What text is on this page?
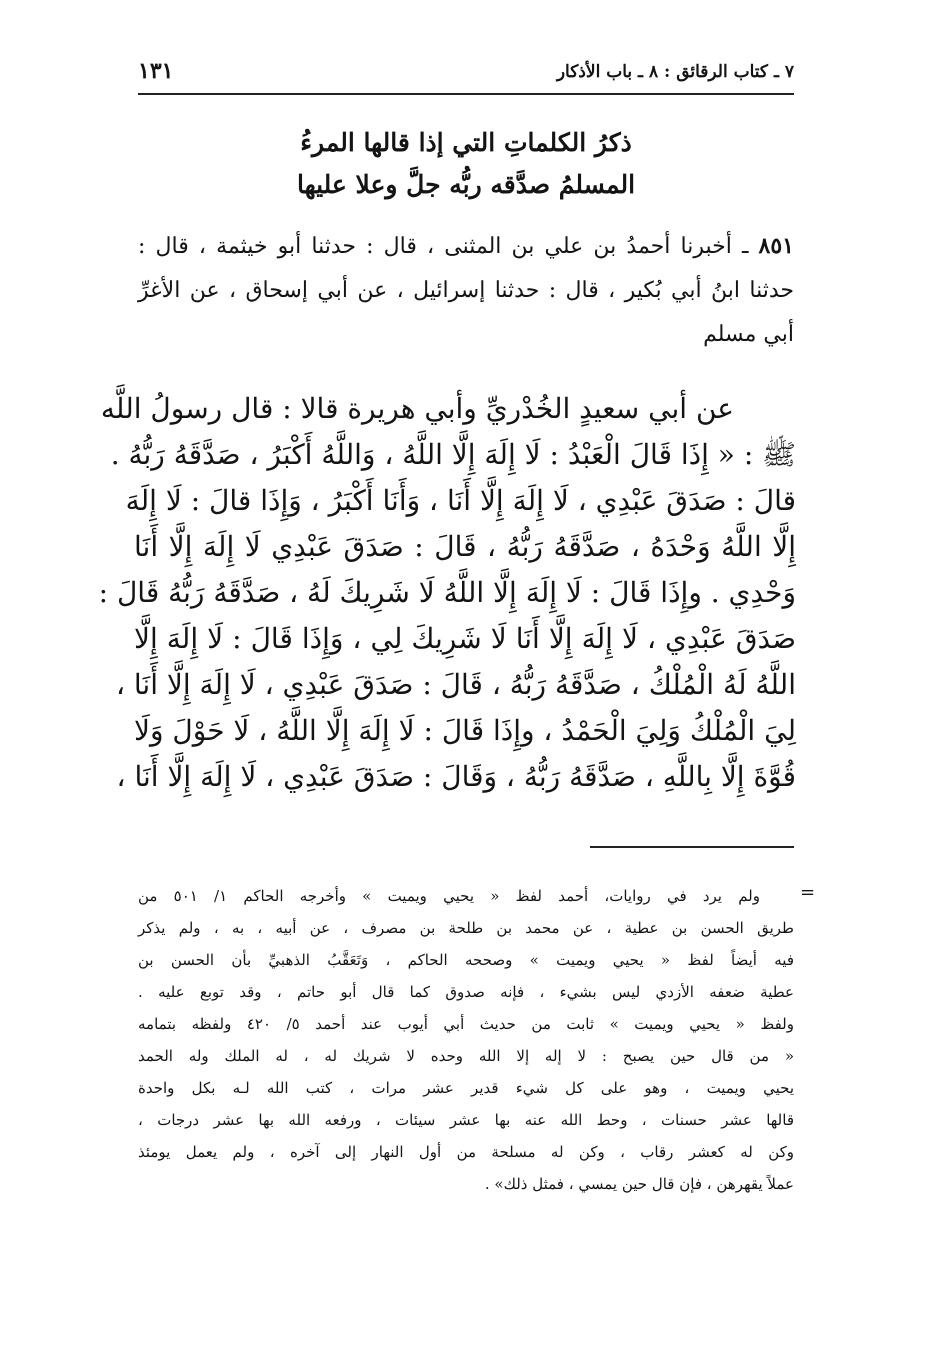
٧ ـ كتاب الرقائق : ٨ ـ باب الأذكار
١٣١
ذكرُ الكلماتِ التي إذا قالها المرءُ
المسلمُ صدَّقه ربُّه جلَّ وعلا عليها
٨٥١ ـ أخبرنا أحمدُ بن علي بن المثنى ، قال : حدثنا أبو خيثمة ، قال : حدثنا ابنُ أبي بُكير ، قال : حدثنا إسرائيل ، عن أبي إسحاق ، عن الأغرِّ أبي مسلم
عن أبي سعيدٍ الخُدْريِّ وأبي هريرة قالا : قال رسولُ اللَّه
ﷺ : « إِذَا قَالَ الْعَبْدُ : لَا إِلَهَ إِلَّا اللَّهُ ، وَاللَّهُ أَكْبَرُ ، صَدَّقَهُ رَبُّهُ .
قالَ : صَدَقَ عَبْدِي ، لَا إِلَهَ إِلَّا أَنَا ، وَأَنَا أَكْبَرُ ، وَإِذَا قالَ : لَا إِلَهَ
إِلَّا اللَّهُ وَحْدَهُ ، صَدَّقَهُ رَبُّهُ ، قَالَ : صَدَقَ عَبْدِي لَا إِلَهَ إِلَّا أَنَا
وَحْدِي . وإِذَا قَالَ : لَا إِلَهَ إِلَّا اللَّهُ لَا شَرِيكَ لَهُ ، صَدَّقَهُ رَبُّهُ قَالَ :
صَدَقَ عَبْدِي ، لَا إِلَهَ إِلَّا أَنَا لَا شَرِيكَ لِي ، وَإِذَا قَالَ : لَا إِلَهَ إِلَّا
اللَّهُ لَهُ الْمُلْكُ ، صَدَّقَهُ رَبُّهُ ، قَالَ : صَدَقَ عَبْدِي ، لَا إِلَهَ إِلَّا أَنَا ،
لِيَ الْمُلْكُ وَلِيَ الْحَمْدُ ، وإِذَا قَالَ : لَا إِلَهَ إِلَّا اللَّهُ ، لَا حَوْلَ وَلَا
قُوَّةَ إِلَّا بِاللَّهِ ، صَدَّقَهُ رَبُّهُ ، وَقَالَ : صَدَقَ عَبْدِي ، لَا إِلَهَ إِلَّا أَنَا ،
=
ولم يرد في روايات، أحمد لفظ « يحيي ويميت » وأخرجه الحاكم ١/ ٥٠١ من
طريق الحسن بن عطية ، عن محمد بن طلحة بن مصرف ، عن أبيه ، به ، ولم يذكر
فيه أيضاً لفظ « يحيي ويميت » وصححه الحاكم ، وَتَعَقَّبُ الذهبيِّ بأن الحسن بن
عطية ضعفه الأزدي ليس بشيء ، فإنه صدوق كما قال أبو حاتم ، وقد توبع عليه .
ولفظ « يحيي ويميت » ثابت من حديث أبي أيوب عند أحمد ٥/ ٤٢٠ ولفظه بتمامه
« من قال حين يصبح : لا إله إلا الله وحده لا شريك له ، له الملك وله الحمد
يحيي ويميت ، وهو على كل شيء قدير عشر مرات ، كتب الله لـه بكل واحدة
قالها عشر حسنات ، وحط الله عنه بها عشر سيئات ، ورفعه الله بها عشر درجات ،
وكن له كعشر رقاب ، وكن له مسلحة من أول النهار إلى آخره ، ولم يعمل يومئذ
عملاً يقهرهن ، فإن قال حين يمسي ، فمثل ذلك» .
